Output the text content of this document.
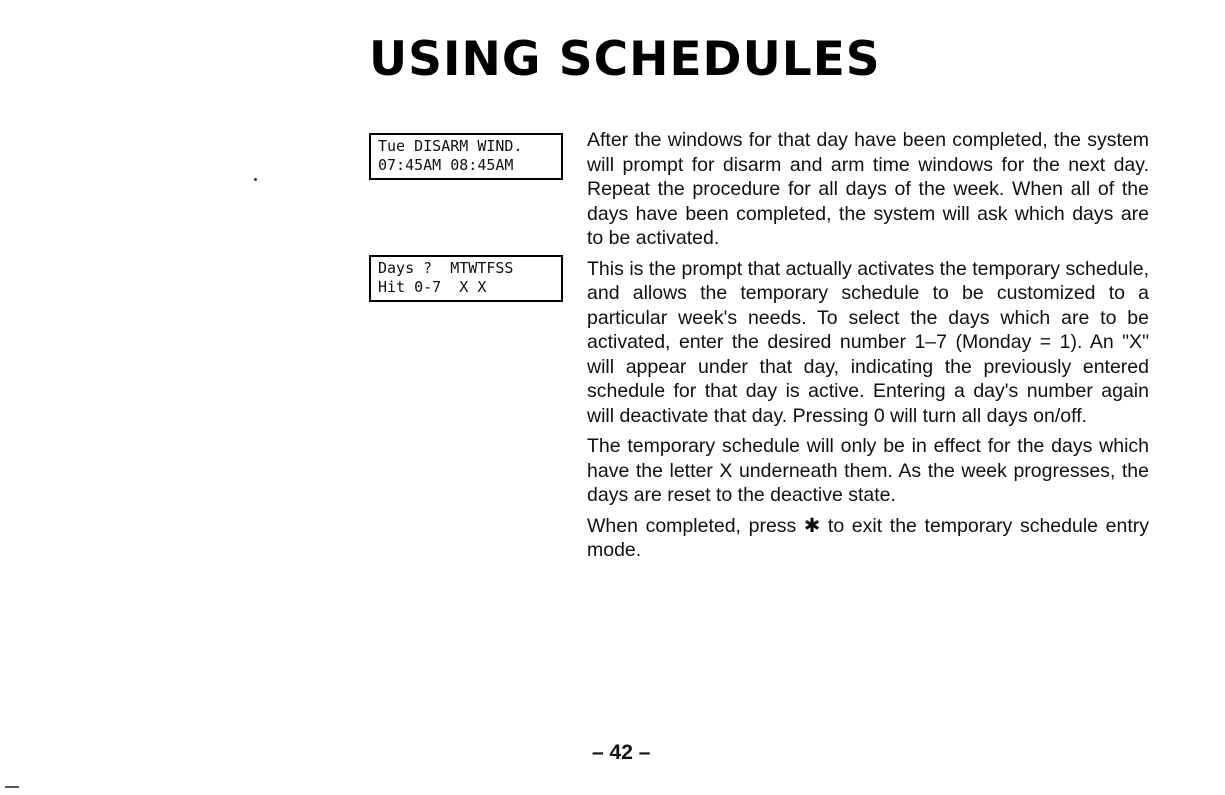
USING SCHEDULES
Tue DISARM WIND.
07:45AM 08:45AM
Days ?  MTWTFSS
Hit 0-7  X X

After the windows for that day have been completed, the system will prompt for disarm and arm time windows for the next day. Repeat the procedure for all days of the week. When all of the days have been completed, the system will ask which days are to be activated.

This is the prompt that actually activates the temporary schedule, and allows the temporary schedule to be customized to a particular week's needs. To select the days which are to be activated, enter the desired number 1–7 (Monday = 1). An "X" will appear under that day, indicating the previously entered schedule for that day is active. Entering a day's number again will deactivate that day. Pressing 0 will turn all days on/off.

The temporary schedule will only be in effect for the days which have the letter X underneath them. As the week progresses, the days are reset to the deactive state.

When completed, press ✱ to exit the temporary schedule entry mode.

– 42 –
